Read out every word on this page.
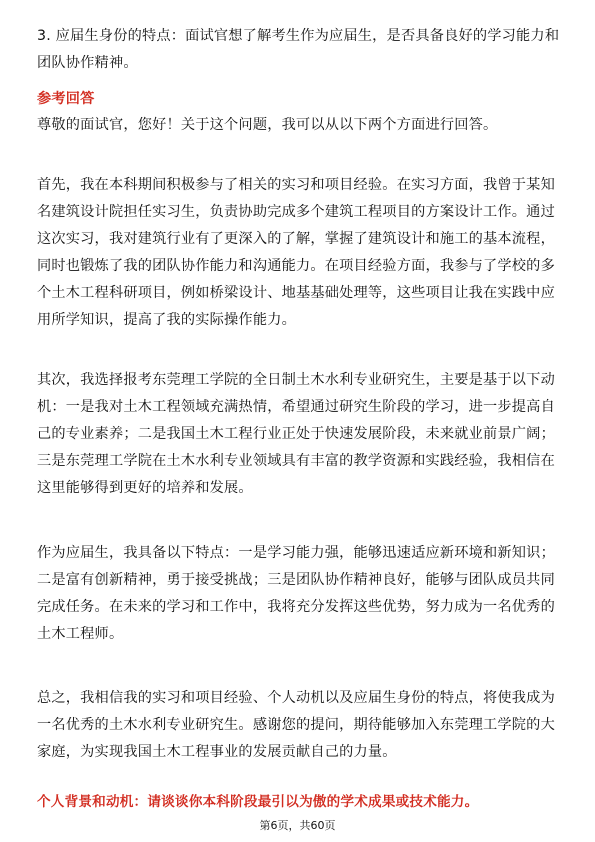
3. 应届生身份的特点：面试官想了解考生作为应届生，是否具备良好的学习能力和团队协作精神。
参考回答
尊敬的面试官，您好！关于这个问题，我可以从以下两个方面进行回答。

首先，我在本科期间积极参与了相关的实习和项目经验。在实习方面，我曾于某知名建筑设计院担任实习生，负责协助完成多个建筑工程项目的方案设计工作。通过这次实习，我对建筑行业有了更深入的了解，掌握了建筑设计和施工的基本流程，同时也锻炼了我的团队协作能力和沟通能力。在项目经验方面，我参与了学校的多个土木工程科研项目，例如桥梁设计、地基基础处理等，这些项目让我在实践中应用所学知识，提高了我的实际操作能力。

其次，我选择报考东莞理工学院的全日制土木水利专业研究生，主要是基于以下动机：一是我对土木工程领域充满热情，希望通过研究生阶段的学习，进一步提高自己的专业素养；二是我国土木工程行业正处于快速发展阶段，未来就业前景广阔；三是东莞理工学院在土木水利专业领域具有丰富的教学资源和实践经验，我相信在这里能够得到更好的培养和发展。

作为应届生，我具备以下特点：一是学习能力强，能够迅速适应新环境和新知识；二是富有创新精神，勇于接受挑战；三是团队协作精神良好，能够与团队成员共同完成任务。在未来的学习和工作中，我将充分发挥这些优势，努力成为一名优秀的土木工程师。

总之，我相信我的实习和项目经验、个人动机以及应届生身份的特点，将使我成为一名优秀的土木水利专业研究生。感谢您的提问，期待能够加入东莞理工学院的大家庭，为实现我国土木工程事业的发展贡献自己的力量。

个人背景和动机：请谈谈你本科阶段最引以为傲的学术成果或技术能力。
第6页，共60页
